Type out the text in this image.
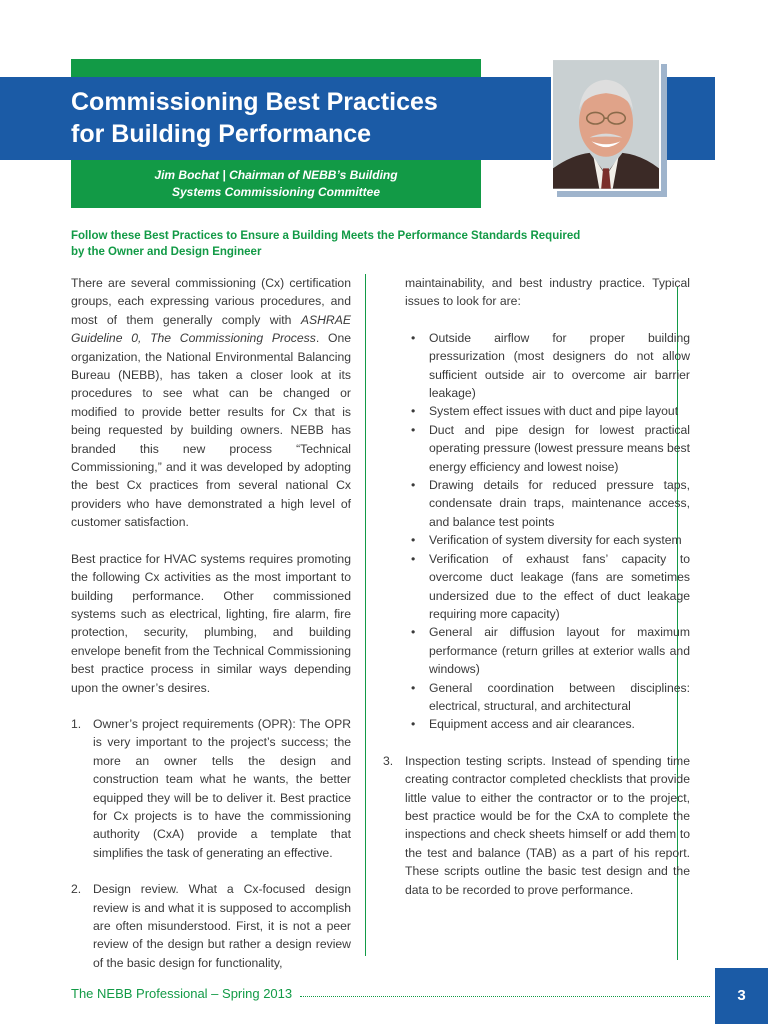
Commissioning Best Practices
for Building Performance
Jim Bochat | Chairman of NEBB’s Building
Systems Commissioning Committee

Follow these Best Practices to Ensure a Building Meets the Performance Standards Required by the Owner and Design Engineer

There are several commissioning (Cx) certification groups, each expressing various procedures, and most of them generally comply with ASHRAE Guideline 0, The Commissioning Process. One organization, the National Environmental Balancing Bureau (NEBB), has taken a closer look at its procedures to see what can be changed or modified to provide better results for Cx that is being requested by building owners. NEBB has branded this new process “Technical Commissioning,” and it was developed by adopting the best Cx practices from several national Cx providers who have demonstrated a high level of customer satisfaction.

Best practice for HVAC systems requires promoting the following Cx activities as the most important to building performance. Other commissioned systems such as electrical, lighting, fire alarm, fire protection, security, plumbing, and building envelope benefit from the Technical Commissioning best practice process in similar ways depending upon the owner’s desires.

1. Owner’s project requirements (OPR): The OPR is very important to the project’s success; the more an owner tells the design and construction team what he wants, the better equipped they will be to deliver it. Best practice for Cx projects is to have the commissioning authority (CxA) provide a template that simplifies the task of generating an effective.
2. Design review. What a Cx-focused design review is and what it is supposed to accomplish are often misunderstood. First, it is not a peer review of the design but rather a design review of the basic design for functionality,

maintainability, and best industry practice. Typical issues to look for are:

•	Outside airflow for proper building pressurization (most designers do not allow sufficient outside air to overcome air barrier leakage)
•	System effect issues with duct and pipe layout
•	Duct and pipe design for lowest practical operating pressure (lowest pressure means best energy efficiency and lowest noise)
•	Drawing details for reduced pressure taps, condensate drain traps, maintenance access, and balance test points
•	Verification of system diversity for each system
•	Verification of exhaust fans’ capacity to overcome duct leakage (fans are sometimes undersized due to the effect of duct leakage requiring more capacity)
•	General air diffusion layout for maximum performance (return grilles at exterior walls and windows)
•	General coordination between disciplines: electrical, structural, and architectural
•	Equipment access and air clearances.
3. Inspection testing scripts. Instead of spending time creating contractor completed checklists that provide little value to either the contractor or to the project, best practice would be for the CxA to complete the inspections and check sheets himself or add them to the test and balance (TAB) as a part of his report. These scripts outline the basic test design and the data to be recorded to prove performance.
The NEBB Professional – Spring 2013	3
